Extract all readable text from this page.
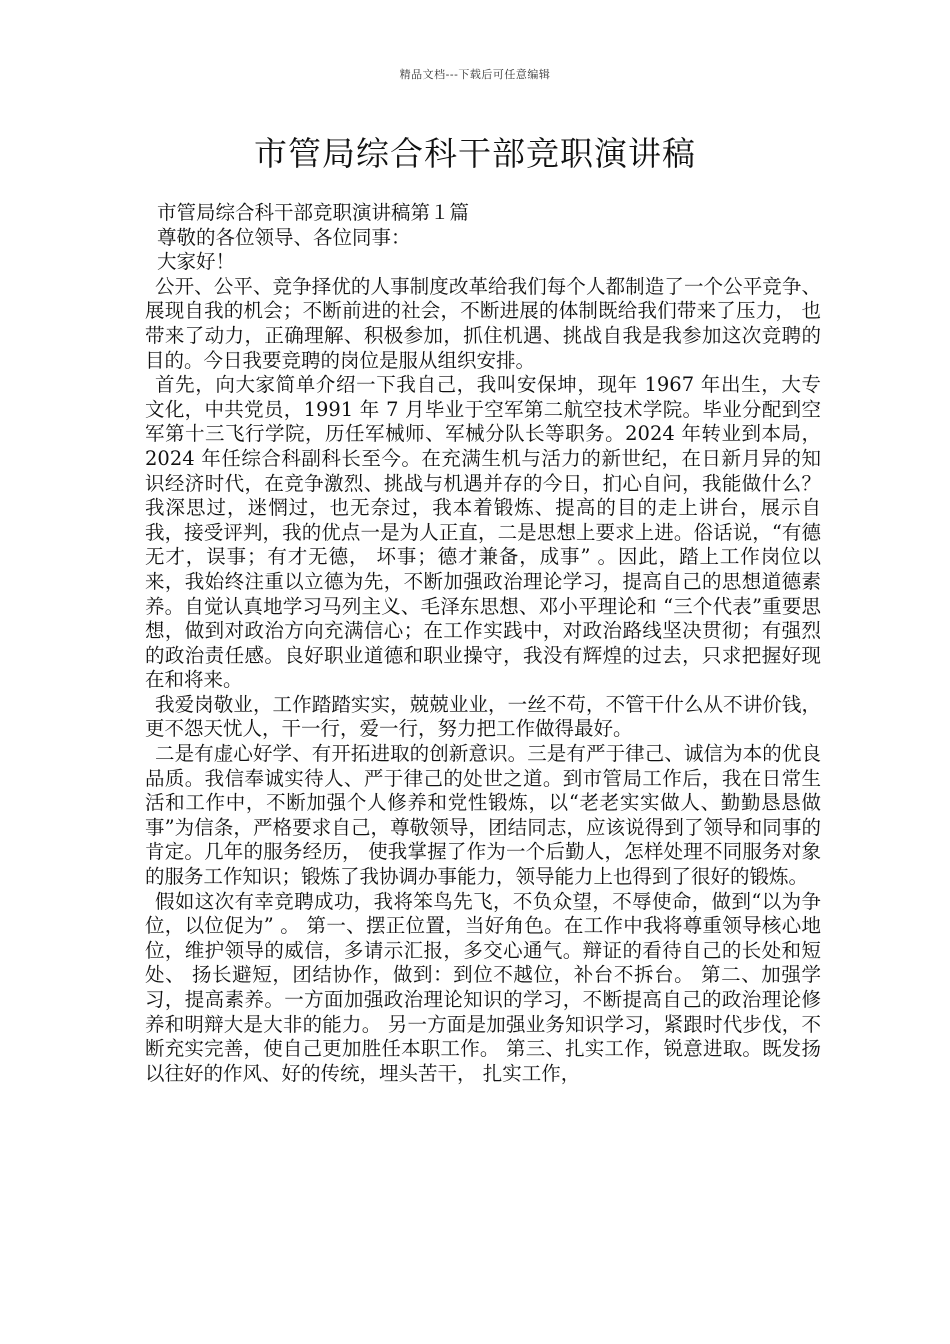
精品文档---下载后可任意编辑
市管局综合科干部竞职演讲稿

市管局综合科干部竞职演讲稿第１篇

尊敬的各位领导、各位同事：

大家好！

公开、公平、竞争择优的人事制度改革给我们每个人都制造了一个公平竞争、展现自我的机会；不断前进的社会，不断进展的体制既给我们带来了压力， 也带来了动力，正确理解、积极参加，抓住机遇、挑战自我是我参加这次竞聘的目的。今日我要竞聘的岗位是服从组织安排。

首先，向大家简单介绍一下我自己，我叫安保坤，现年 1967 年出生，大专文化，中共党员，1991 年 7 月毕业于空军第二航空技术学院。毕业分配到空军第十三飞行学院，历任军械师、军械分队长等职务。2024 年转业到本局，2024 年任综合科副科长至今。在充满生机与活力的新世纪，在日新月异的知识经济时代，在竞争激烈、挑战与机遇并存的今日，扪心自问，我能做什么？我深思过，迷惘过，也无奈过，我本着锻炼、提高的目的走上讲台，展示自我，接受评判，我的优点一是为人正直，二是思想上要求上进。俗话说，“有德无才，误事；有才无德， 坏事；德才兼备，成事” 。因此，踏上工作岗位以来，我始终注重以立德为先，不断加强政治理论学习，提高自己的思想道德素养。自觉认真地学习马列主义、毛泽东思想、邓小平理论和 “三个代表”重要思想，做到对政治方向充满信心；在工作实践中，对政治路线坚决贯彻；有强烈的政治责任感。良好职业道德和职业操守，我没有辉煌的过去，只求把握好现在和将来。

我爱岗敬业，工作踏踏实实，兢兢业业，一丝不苟，不管干什么从不讲价钱，更不怨天忧人，干一行，爱一行，努力把工作做得最好。

二是有虚心好学、有开拓进取的创新意识。三是有严于律己、诚信为本的优良品质。我信奉诚实待人、严于律己的处世之道。到市管局工作后，我在日常生活和工作中，不断加强个人修养和党性锻炼，以“老老实实做人、勤勤恳恳做事”为信条，严格要求自己，尊敬领导，团结同志，应该说得到了领导和同事的肯定。几年的服务经历， 使我掌握了作为一个后勤人，怎样处理不同服务对象的服务工作知识；锻炼了我协调办事能力，领导能力上也得到了很好的锻炼。

假如这次有幸竞聘成功，我将笨鸟先飞，不负众望，不辱使命，做到“以为争位，以位促为” 。 第一、摆正位置，当好角色。在工作中我将尊重领导核心地位，维护领导的威信，多请示汇报，多交心通气。辩证的看待自己的长处和短处、 扬长避短，团结协作，做到：到位不越位，补台不拆台。 第二、加强学习，提高素养。一方面加强政治理论知识的学习，不断提高自己的政治理论修养和明辩大是大非的能力。 另一方面是加强业务知识学习，紧跟时代步伐，不断充实完善，使自己更加胜任本职工作。 第三、扎实工作，锐意进取。既发扬以往好的作风、好的传统，埋头苦干， 扎实工作，
